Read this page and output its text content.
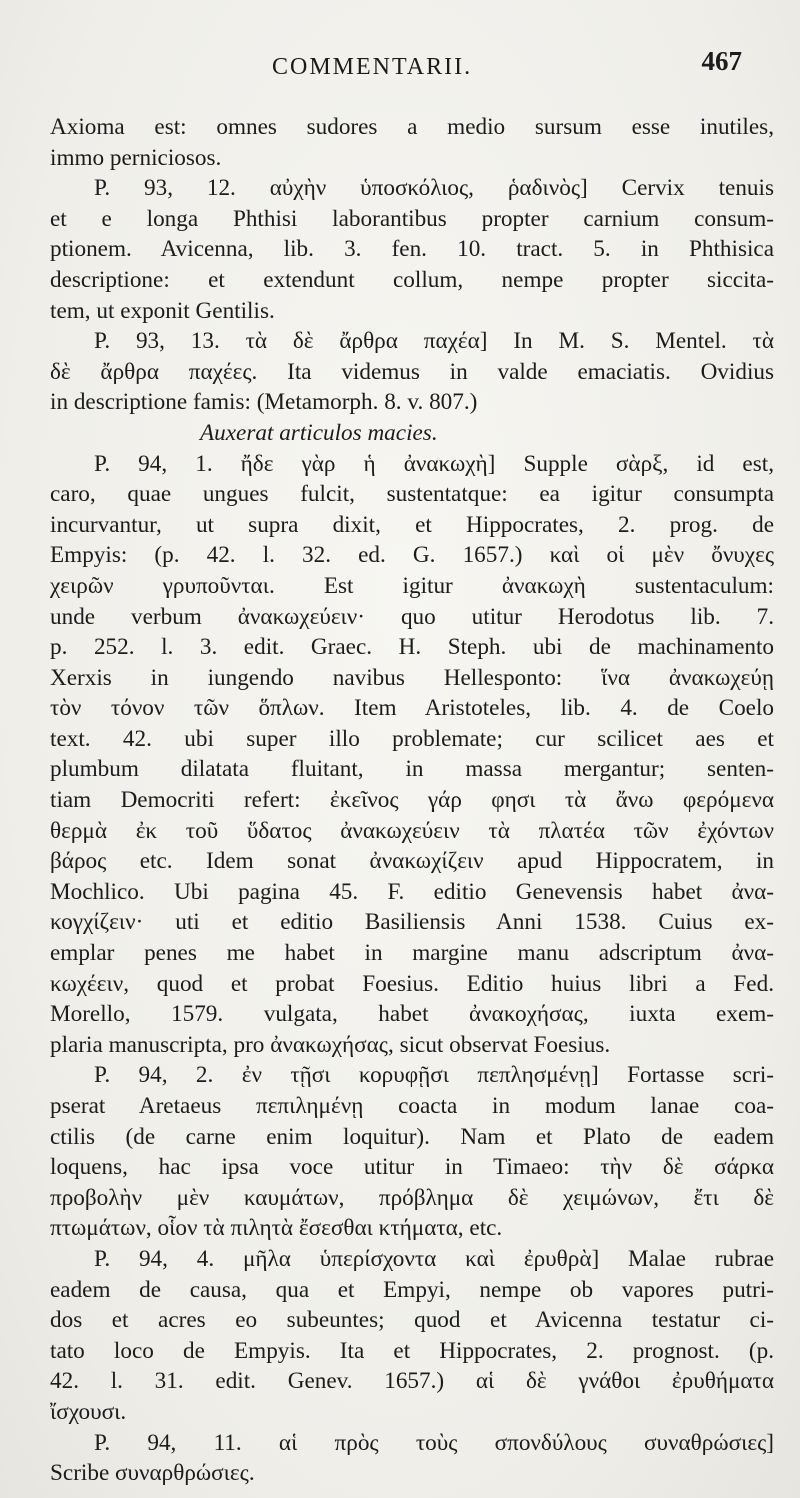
COMMENTARII.	467
Axioma est: omnes sudores a medio sursum esse inutiles,
immo perniciosos.
P. 93, 12. αὐχὴν ὑποσκόλιος, ῥαδινὸς] Cervix tenuis
et e longa Phthisi laborantibus propter carnium consum-
ptionem. Avicenna, lib. 3. fen. 10. tract. 5. in Phthisica
descriptione: et extendunt collum, nempe propter siccita-
tem, ut exponit Gentilis.
P. 93, 13. τὰ δὲ ἄρθρα παχέα] In M. S. Mentel. τὰ
δὲ ἄρθρα παχέες. Ita videmus in valde emaciatis. Ovidius
in descriptione famis: (Metamorph. 8. v. 807.)
Auxerat articulos macies.
P. 94, 1. ἤδε γὰρ ἡ ἀνακωχὴ] Supple σὰρξ, id est,
caro, quae ungues fulcit, sustentatque: ea igitur consumpta
incurvantur, ut supra dixit, et Hippocrates, 2. prog. de
Empyis: (p. 42. l. 32. ed. G. 1657.) καὶ οἱ μὲν ὄνυχες
χειρῶν γρυποῦνται. Est igitur ἀνακωχὴ sustentaculum:
unde verbum ἀνακωχεύειν· quo utitur Herodotus lib. 7.
p. 252. l. 3. edit. Graec. H. Steph. ubi de machinamento
Xerxis in iungendo navibus Hellesponto: ἵνα ἀνακωχεύῃ
τὸν τόνον τῶν ὅπλων. Item Aristoteles, lib. 4. de Coelo
text. 42. ubi super illo problemate; cur scilicet aes et
plumbum dilatata fluitant, in massa mergantur; senten-
tiam Democriti refert: ἐκεῖνος γάρ φησι τὰ ἄνω φερόμενα
θερμὰ ἐκ τοῦ ὕδατος ἀνακωχεύειν τὰ πλατέα τῶν ἐχόντων
βάρος etc. Idem sonat ἀνακωχίζειν apud Hippocratem, in
Mochlico. Ubi pagina 45. F. editio Genevensis habet ἀνα-
κογχίζειν· uti et editio Basiliensis Anni 1538. Cuius ex-
emplar penes me habet in margine manu adscriptum ἀνα-
κωχέειν, quod et probat Foesius. Editio huius libri a Fed.
Morello, 1579. vulgata, habet ἀνακοχήσας, iuxta exem-
plaria manuscripta, pro ἀνακωχήσας, sicut observat Foesius.
P. 94, 2. ἐν τῇσι κορυφῇσι πεπλησμένῃ] Fortasse scri-
pserat Aretaeus πεπιλημένῃ coacta in modum lanae coa-
ctilis (de carne enim loquitur). Nam et Plato de eadem
loquens, hac ipsa voce utitur in Timaeo: τὴν δὲ σάρκα
προβολὴν μὲν καυμάτων, πρόβλημα δὲ χειμώνων, ἔτι δὲ
πτωμάτων, οἷον τὰ πιλητὰ ἔσεσθαι κτήματα, etc.
P. 94, 4. μῆλα ὑπερίσχοντα καὶ ἐρυθρὰ] Malae rubrae
eadem de causa, qua et Empyi, nempe ob vapores putri-
dos et acres eo subeuntes; quod et Avicenna testatur ci-
tato loco de Empyis. Ita et Hippocrates, 2. prognost. (p.
42. l. 31. edit. Genev. 1657.) αἱ δὲ γνάθοι ἐρυθήματα
ἴσχουσι.
P. 94, 11. αἱ πρὸς τοὺς σπονδύλους συναθρώσιες]
Scribe συναρθρώσιες.
